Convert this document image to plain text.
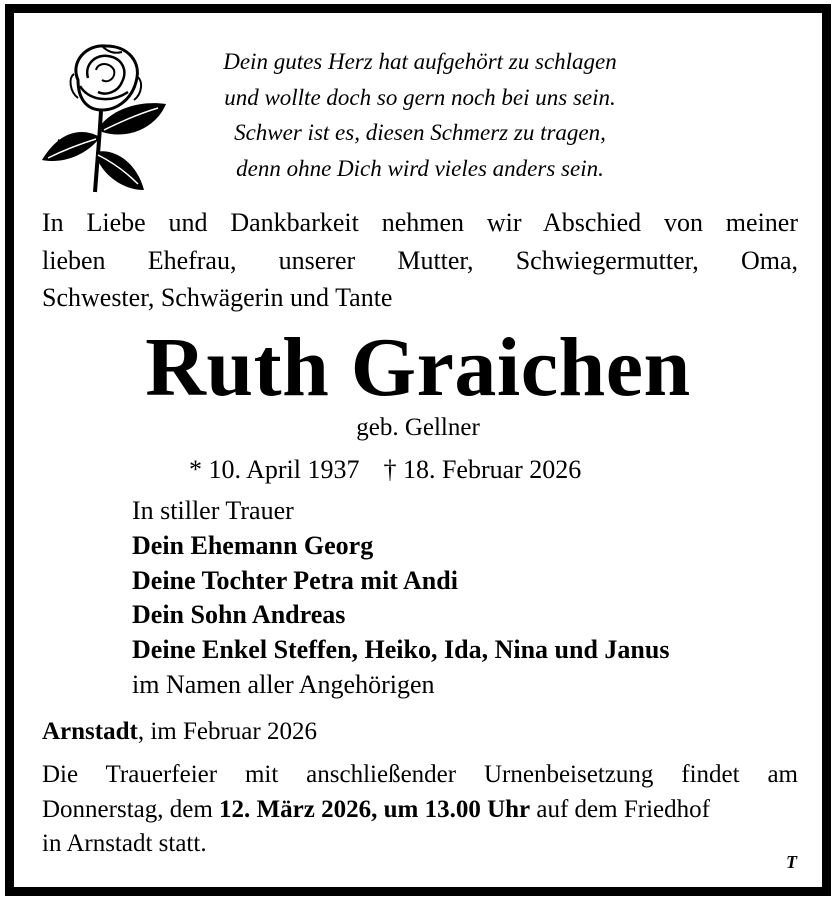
Dein gutes Herz hat aufgehört zu schlagen
und wollte doch so gern noch bei uns sein.
Schwer ist es, diesen Schmerz zu tragen,
denn ohne Dich wird vieles anders sein.
In Liebe und Dankbarkeit nehmen wir Abschied von meiner
lieben Ehefrau, unserer Mutter, Schwiegermutter, Oma,
Schwester, Schwägerin und Tante
Ruth Graichen
geb. Gellner
* 10. April 1937 † 18. Februar 2026
In stiller Trauer
Dein Ehemann Georg
Deine Tochter Petra mit Andi
Dein Sohn Andreas
Deine Enkel Steffen, Heiko, Ida, Nina und Janus
im Namen aller Angehörigen
Arnstadt, im Februar 2026
Die Trauerfeier mit anschließender Urnenbeisetzung findet am
Donnerstag, dem 12. März 2026, um 13.00 Uhr auf dem Friedhof
in Arnstadt statt.
T
